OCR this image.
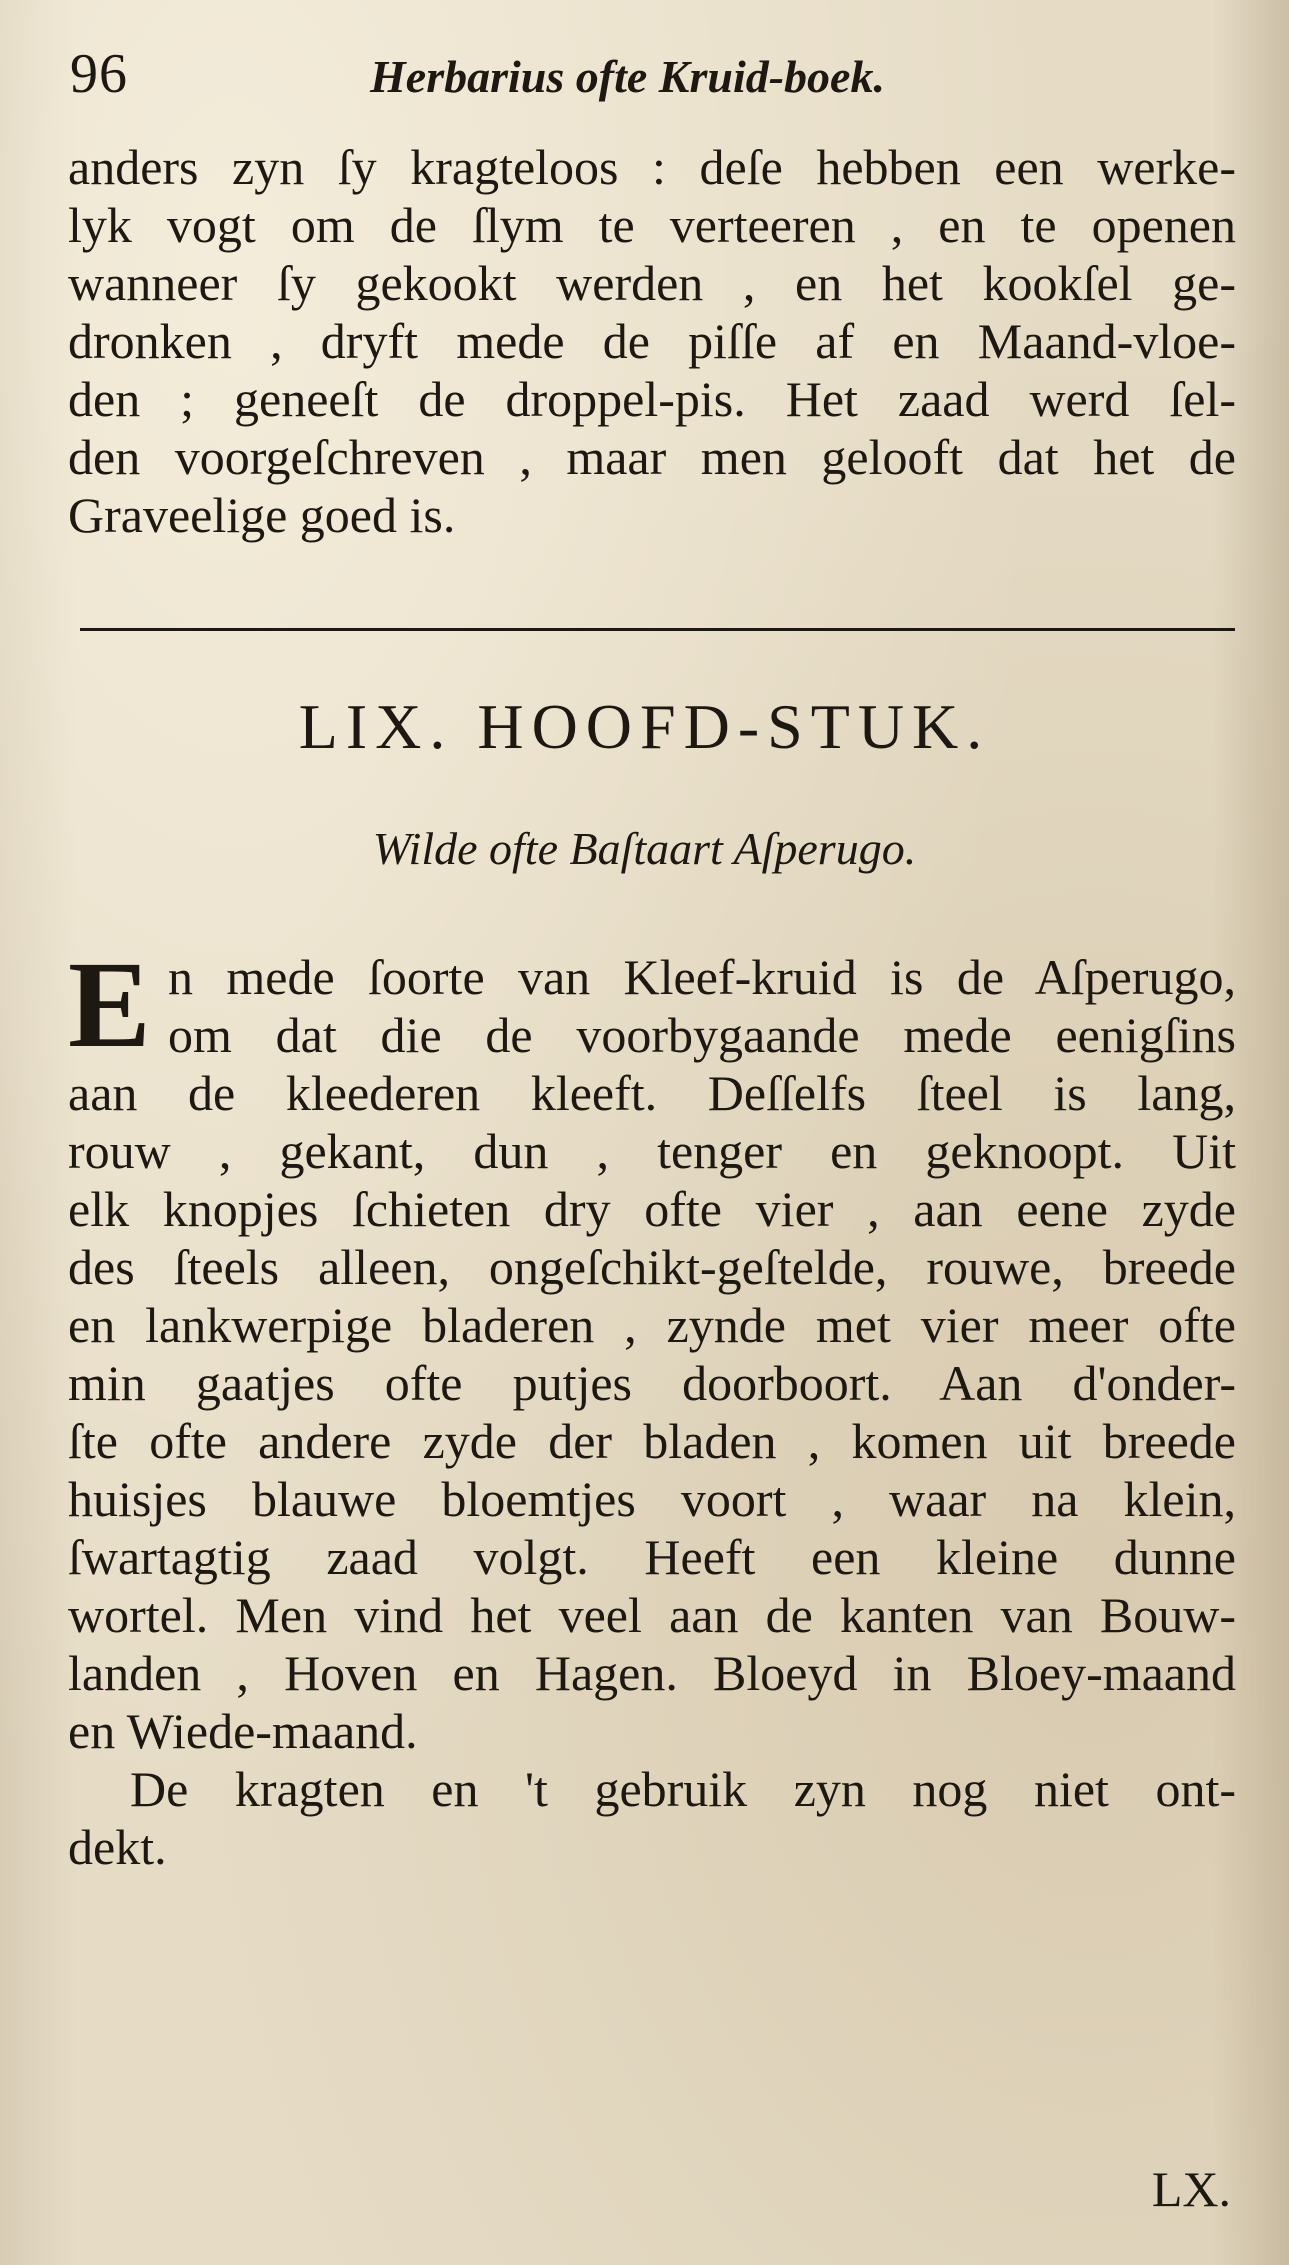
96	Herbarius ofte Kruid-boek.
anders zyn ſy kragteloos : deſe hebben een werke-
lyk vogt om de ſlym te verteeren , en te openen
wanneer ſy gekookt werden , en het kookſel ge-
dronken , dryft mede de piſſe af en Maand-vloe-
den ; geneeſt de droppel-pis. Het zaad werd ſel-
den voorgeſchreven , maar men gelooft dat het de
Graveelige goed is.
LIX. HOOFD-STUK.
Wilde ofte Baſtaart Aſperugo.
E n mede ſoorte van Kleef-kruid is de Aſperugo,
om dat die de voorbygaande mede eenigſins
aan de kleederen kleeft. Deſſelfs ſteel is lang,
rouw , gekant, dun , tenger en geknoopt. Uit
elk knopjes ſchieten dry ofte vier , aan eene zyde
des ſteels alleen, ongeſchikt-geſtelde, rouwe, breede
en lankwerpige bladeren , zynde met vier meer ofte
min gaatjes ofte putjes doorboort. Aan d'onder-
ſte ofte andere zyde der bladen , komen uit breede
huisjes blauwe bloemtjes voort , waar na klein,
ſwartagtig zaad volgt. Heeft een kleine dunne
wortel. Men vind het veel aan de kanten van Bouw-
landen , Hoven en Hagen. Bloeyd in Bloey-maand
en Wiede-maand.
De kragten en 't gebruik zyn nog niet ont-
dekt.
LX.
